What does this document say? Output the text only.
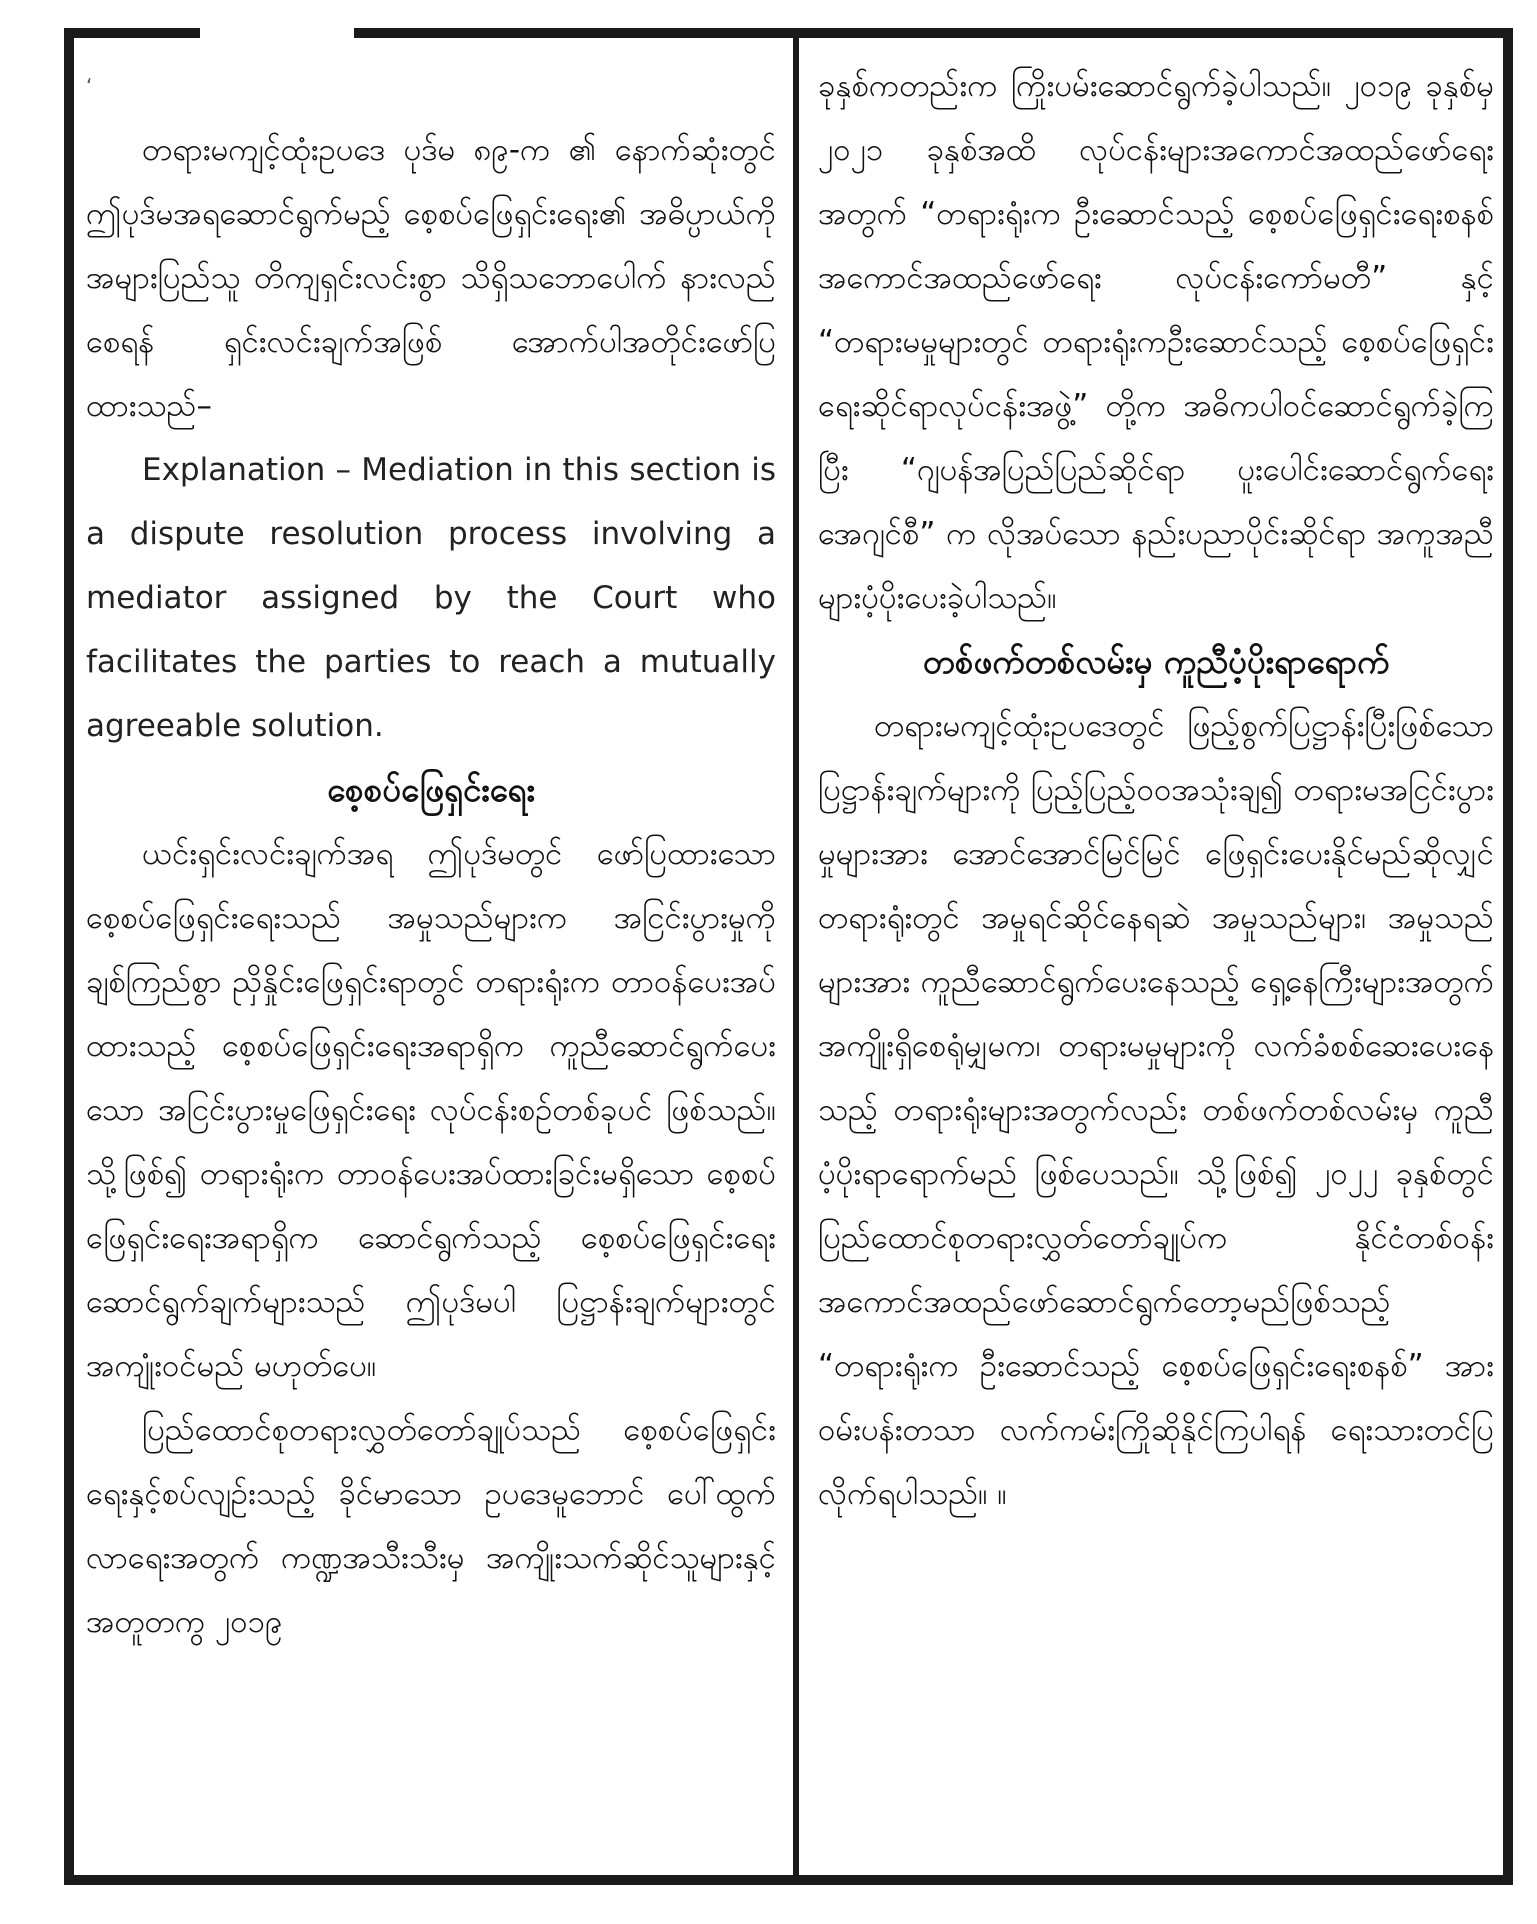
‘

တရားမကျင့်ထုံးဥပဒေ ပုဒ်မ ၈၉-က ၏ နောက်ဆုံးတွင် ဤပုဒ်မအရဆောင်ရွက်မည့် စေ့စပ်ဖြေရှင်းရေး၏ အဓိပ္ပာယ်ကို အများပြည်သူ တိကျရှင်းလင်းစွာ သိရှိသဘောပေါက် နားလည်စေရန် ရှင်းလင်းချက်အဖြစ် အောက်ပါအတိုင်းဖော်ပြထားသည်–

Explanation – Mediation in this section is a dispute resolution process involving a mediator assigned by the Court who facilitates the parties to reach a mutually agreeable solution.

စေ့စပ်ဖြေရှင်းရေး

ယင်းရှင်းလင်းချက်အရ ဤပုဒ်မတွင် ဖော်ပြထားသော စေ့စပ်ဖြေရှင်းရေးသည် အမှုသည်များက အငြင်းပွားမှုကို ချစ်ကြည်စွာ ညှိနှိုင်းဖြေရှင်းရာတွင် တရားရုံးက တာဝန်ပေးအပ်ထားသည့် စေ့စပ်ဖြေရှင်းရေးအရာရှိက ကူညီဆောင်ရွက်ပေးသော အငြင်းပွားမှုဖြေရှင်းရေး လုပ်ငန်းစဉ်တစ်ခုပင် ဖြစ်သည်။ သို့ဖြစ်၍ တရားရုံးက တာဝန်ပေးအပ်ထားခြင်းမရှိသော စေ့စပ်ဖြေရှင်းရေးအရာရှိက ဆောင်ရွက်သည့် စေ့စပ်ဖြေရှင်းရေးဆောင်ရွက်ချက်များသည် ဤပုဒ်မပါ ပြဋ္ဌာန်းချက်များတွင် အကျုံးဝင်မည် မဟုတ်ပေ။

ပြည်ထောင်စုတရားလွှတ်တော်ချုပ်သည် စေ့စပ်ဖြေရှင်းရေးနှင့်စပ်လျဉ်းသည့် ခိုင်မာသော ဥပဒေမူဘောင် ပေါ်ထွက်လာရေးအတွက် ကဏ္ဍအသီးသီးမှ အကျိုးသက်ဆိုင်သူများနှင့် အတူတကွ ၂၀၁၉

ခုနှစ်ကတည်းက ကြိုးပမ်းဆောင်ရွက်ခဲ့ပါသည်။ ၂၀၁၉ ခုနှစ်မှ ၂၀၂၁ ခုနှစ်အထိ လုပ်ငန်းများအကောင်အထည်ဖော်ရေးအတွက် “တရားရုံးက ဦးဆောင်သည့် စေ့စပ်ဖြေရှင်းရေးစနစ် အကောင်အထည်ဖော်ရေး လုပ်ငန်းကော်မတီ” နှင့် “တရားမမှုများတွင် တရားရုံးကဦးဆောင်သည့် စေ့စပ်ဖြေရှင်းရေးဆိုင်ရာလုပ်ငန်းအဖွဲ့” တို့က အဓိကပါဝင်ဆောင်ရွက်ခဲ့ကြပြီး “ဂျပန်အပြည်ပြည်ဆိုင်ရာ ပူးပေါင်းဆောင်ရွက်ရေးအေဂျင်စီ” က လိုအပ်သော နည်းပညာပိုင်းဆိုင်ရာ အကူအညီများပံ့ပိုးပေးခဲ့ပါသည်။

တစ်ဖက်တစ်လမ်းမှ ကူညီပံ့ပိုးရာရောက်

တရားမကျင့်ထုံးဥပဒေတွင် ဖြည့်စွက်ပြဋ္ဌာန်းပြီးဖြစ်သော ပြဋ္ဌာန်းချက်များကို ပြည့်ပြည့်ဝဝအသုံးချ၍ တရားမအငြင်းပွားမှုများအား အောင်အောင်မြင်မြင် ဖြေရှင်းပေးနိုင်မည်ဆိုလျှင် တရားရုံးတွင် အမှုရင်ဆိုင်နေရဆဲ အမှုသည်များ၊ အမှုသည်များအား ကူညီဆောင်ရွက်ပေးနေသည့် ရှေ့နေကြီးများအတွက် အကျိုးရှိစေရုံမျှမက၊ တရားမမှုများကို လက်ခံစစ်ဆေးပေးနေသည့် တရားရုံးများအတွက်လည်း တစ်ဖက်တစ်လမ်းမှ ကူညီပံ့ပိုးရာရောက်မည် ဖြစ်ပေသည်။ သို့ဖြစ်၍ ၂၀၂၂ ခုနှစ်တွင် ပြည်ထောင်စုတရားလွှတ်တော်ချုပ်က နိုင်ငံတစ်ဝန်း အကောင်အထည်ဖော်ဆောင်ရွက်တော့မည်ဖြစ်သည့် “တရားရုံးက ဦးဆောင်သည့် စေ့စပ်ဖြေရှင်းရေးစနစ်” အား ဝမ်းပန်းတသာ လက်ကမ်းကြိုဆိုနိုင်ကြပါရန် ရေးသားတင်ပြလိုက်ရပါသည်။ ။
